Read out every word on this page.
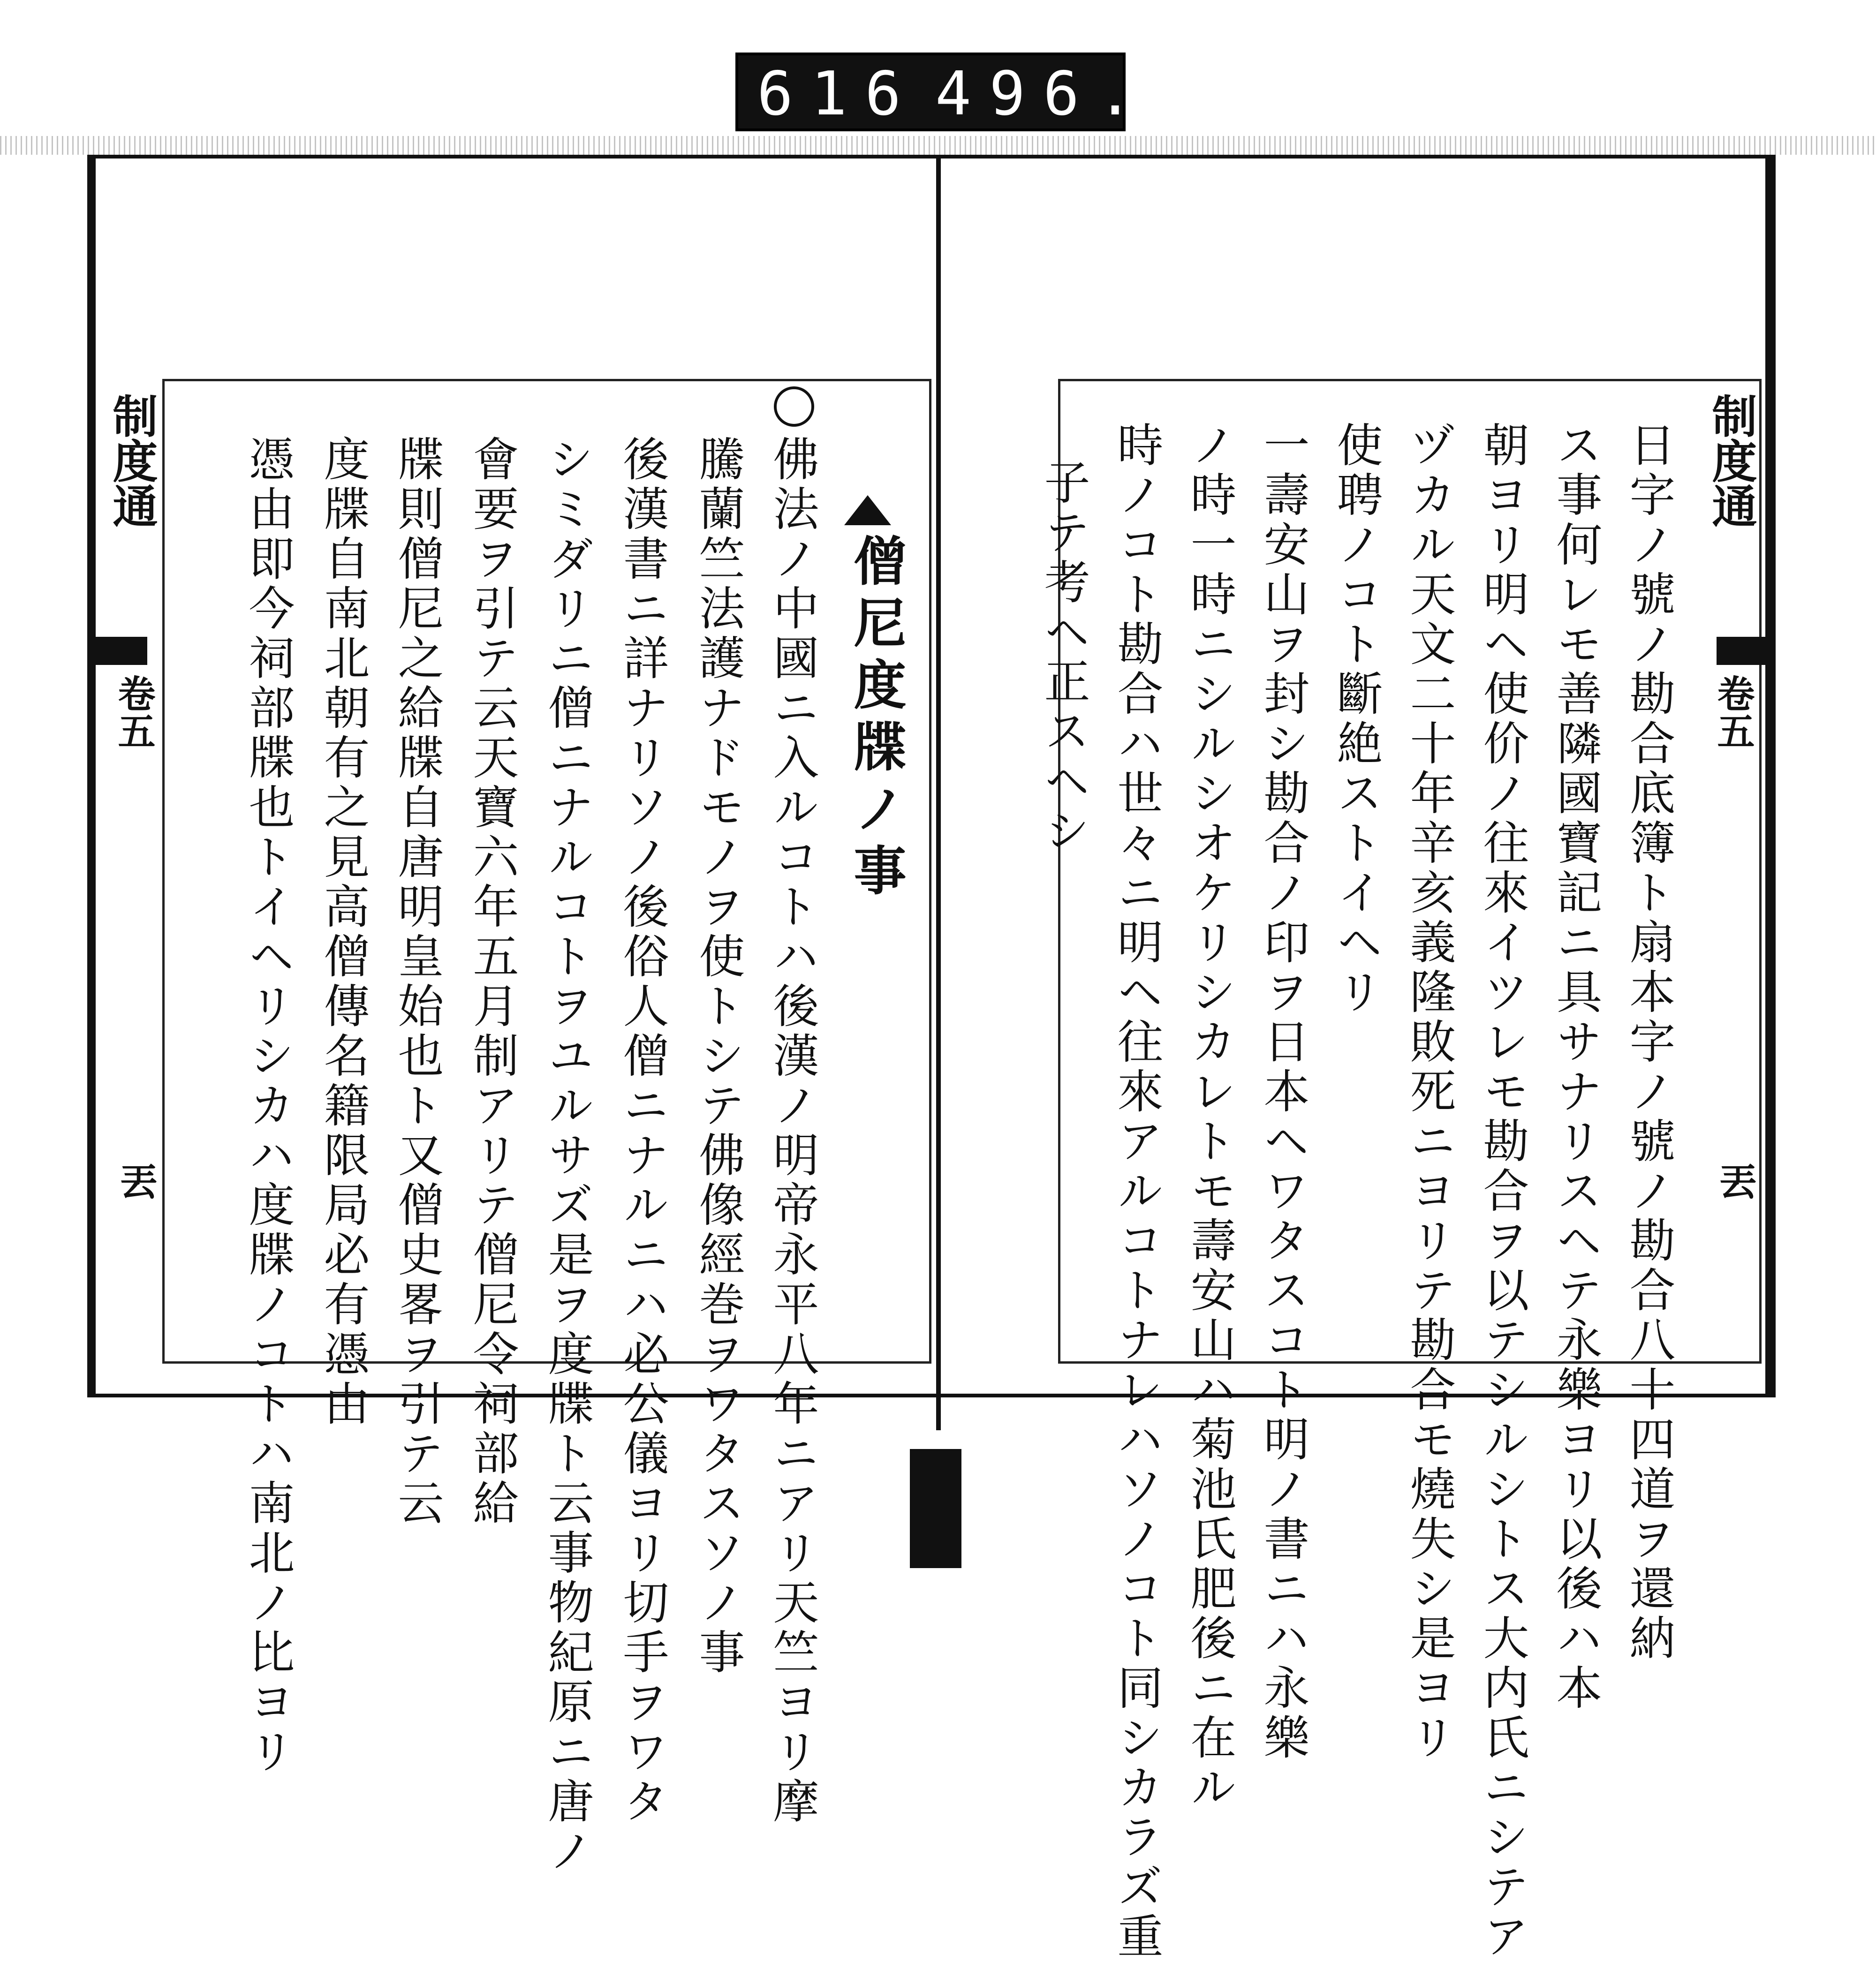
616 496.
制度通
卷五
丟
僧尼度牒ノ事
佛法ノ中國ニ入ルコトハ後漢ノ明帝永平八年ニアリ天竺ヨリ摩
騰蘭竺法護ナドモノヲ使トシテ佛像經巻ヲワタスソノ事
後漢書ニ詳ナリソノ後俗人僧ニナルニハ必公儀ヨリ切手ヲワタ
シミダリニ僧ニナルコトヲユルサズ是ヲ度牒ト云事物紀原ニ唐ノ
會要ヲ引テ云天寶六年五月制アリテ僧尼令祠部給
牒則僧尼之給牒自唐明皇始也ト又僧史畧ヲ引テ云
度牒自南北朝有之見高僧傳名籍限局必有憑由
憑由即今祠部牒也トイヘリシカハ度牒ノコトハ南北ノ比ヨリ	制度通
卷五
丟
日字ノ號ノ勘合底簿ト扇本字ノ號ノ勘合八十四道ヲ還納
ス事何レモ善隣國寶記ニ具サナリスヘテ永樂ヨリ以後ハ本
朝ヨリ明ヘ使价ノ往來イツレモ勘合ヲ以テシルシトス大内氏ニシテア
ヅカル天文二十年辛亥義隆敗死ニヨリテ勘合モ燒失シ是ヨリ
使聘ノコト斷絶ストイヘリ
一壽安山ヲ封シ勘合ノ印ヲ日本ヘワタスコト明ノ書ニハ永樂
ノ時一時ニシルシオケリシカレトモ壽安山ハ菊池氏肥後ニ在ル
時ノコト勘合ハ世々ニ明ヘ往來アルコトナレハソノコト同シカラズ重
子テ考ヘ正スヘシ
